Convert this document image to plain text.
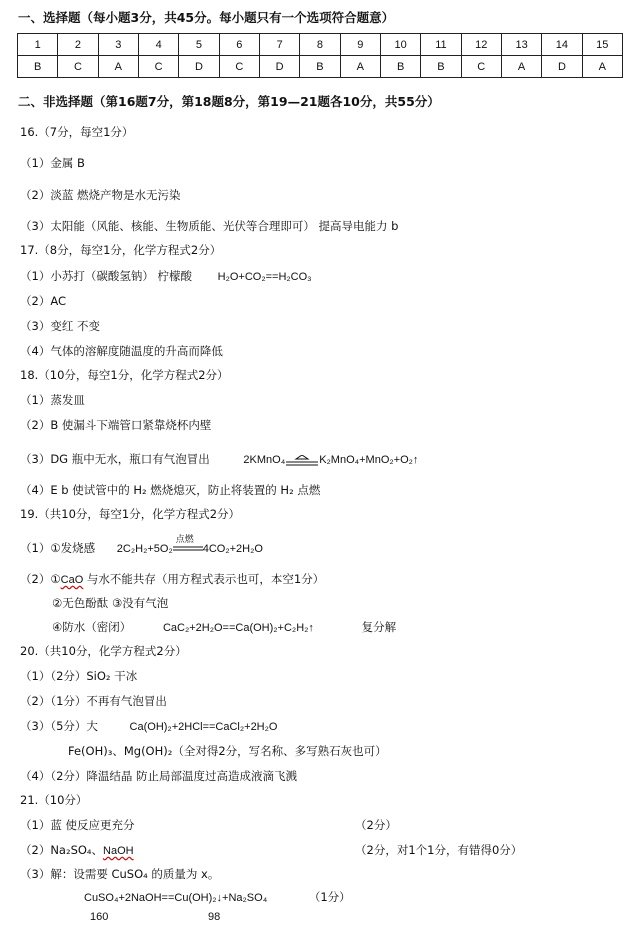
一、选择题（每小题3分，共45分。每小题只有一个选项符合题意）
1	2	3	4	5	6	7	8	9	10	11	12	13	14	15
B	C	A	C	D	C	D	B	A	B	B	C	A	D	A
二、非选择题（第16题7分，第18题8分，第19—21题各10分，共55分）
16.（7分，每空1分）
（1）金属 B
（2）淡蓝 燃烧产物是水无污染
（3）太阳能（风能、核能、生物质能、光伏等合理即可） 提高导电能力 b
17.（8分，每空1分，化学方程式2分）
（1）小苏打（碳酸氢钠） 柠檬酸 H₂O+CO₂==H₂CO₃
（2）AC
（3）变红 不变
（4）气体的溶解度随温度的升高而降低
18.（10分，每空1分，化学方程式2分）
（1）蒸发皿
（2）B 使漏斗下端管口紧靠烧杯内壁
（3）DG 瓶中无水，瓶口有气泡冒出	2KMnO₄	K₂MnO₄+MnO₂+O₂↑
（4）E b 使试管中的 H₂ 燃烧熄灭，防止将装置的 H₂ 点燃
19.（共10分，每空1分，化学方程式2分）
（1）①发烧感 2C₂H₂+5O₂
点燃
4CO₂+2H₂O
（2）①CaO 与水不能共存（用方程式表示也可，本空1分）
②无色酚酞 ③没有气泡
④防水（密闭）	CaC₂+2H₂O==Ca(OH)₂+C₂H₂↑	复分解
20.（共10分，化学方程式2分）
（1）（2分）SiO₂ 干冰
（2）（1分）不再有气泡冒出
（3）（5分）大	Ca(OH)₂+2HCl==CaCl₂+2H₂O
Fe(OH)₃、Mg(OH)₂（全对得2分，写名称、多写熟石灰也可）
（4）（2分）降温结晶 防止局部温度过高造成液滴飞溅
21.（10分）
（1）蓝 使反应更充分	（2分）
（2）Na₂SO₄、NaOH	（2分，对1个1分，有错得0分）
（3）解：设需要 CuSO₄ 的质量为 x。
CuSO₄+2NaOH==Cu(OH)₂↓+Na₂SO₄	（1分）
160	98
